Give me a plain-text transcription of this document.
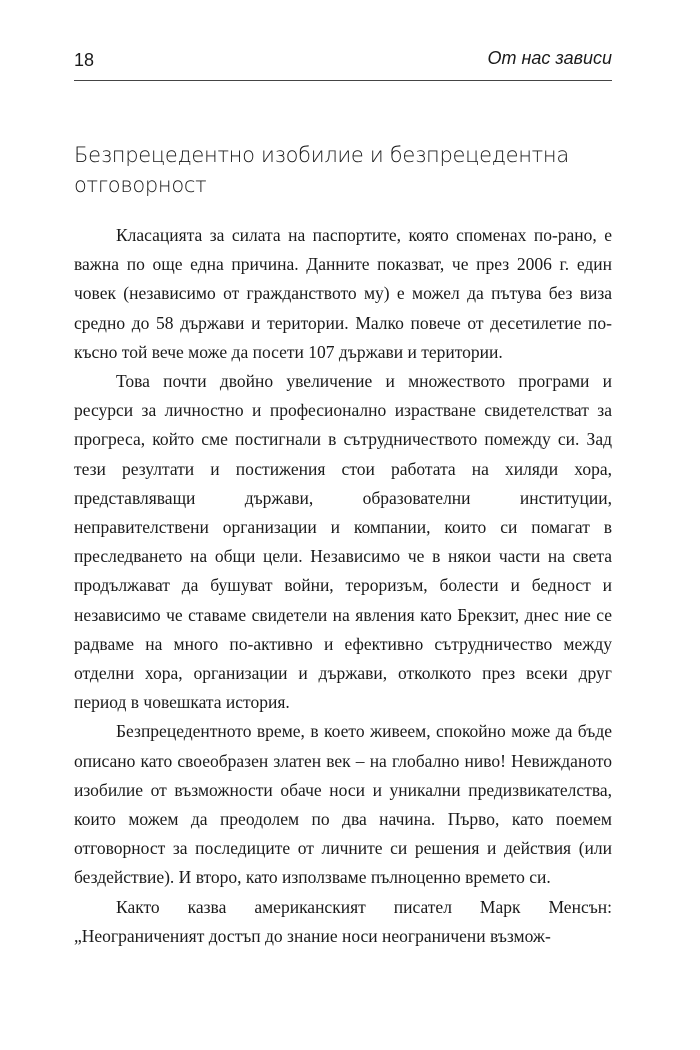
18	От нас зависи
Безпрецедентно изобилие и безпрецедентна отговорност

Класацията за силата на паспортите, която споменах по-рано, е важна по още една причина. Данните показват, че през 2006 г. един човек (независимо от гражданството му) е можел да пътува без виза средно до 58 държави и територии. Малко повече от десетилетие по-късно той вече може да посети 107 държави и територии.

Това почти двойно увеличение и множеството програми и ресурси за личностно и професионално израстване свидетелстват за прогреса, който сме постигнали в сътрудничеството помежду си. Зад тези резултати и постижения стои работата на хиляди хора, представляващи държави, образователни институции, неправителствени организации и компании, които си помагат в преследването на общи цели. Независимо че в някои части на света продължават да бушуват войни, тероризъм, болести и бедност и независимо че ставаме свидетели на явления като Брекзит, днес ние се радваме на много по-активно и ефективно сътрудничество между отделни хора, организации и държави, отколкото през всеки друг период в човешката история.

Безпрецедентното време, в което живеем, спокойно може да бъде описано като своеобразен златен век – на глобално ниво! Невижданото изобилие от възможности обаче носи и уникални предизвикателства, които можем да преодолем по два начина. Първо, като поемем отговорност за последиците от личните си решения и действия (или бездействие). И второ, като използваме пълноценно времето си.

Както казва американският писател Марк Менсън: „Неограниченият достъп до знание носи неограничени възмож-
